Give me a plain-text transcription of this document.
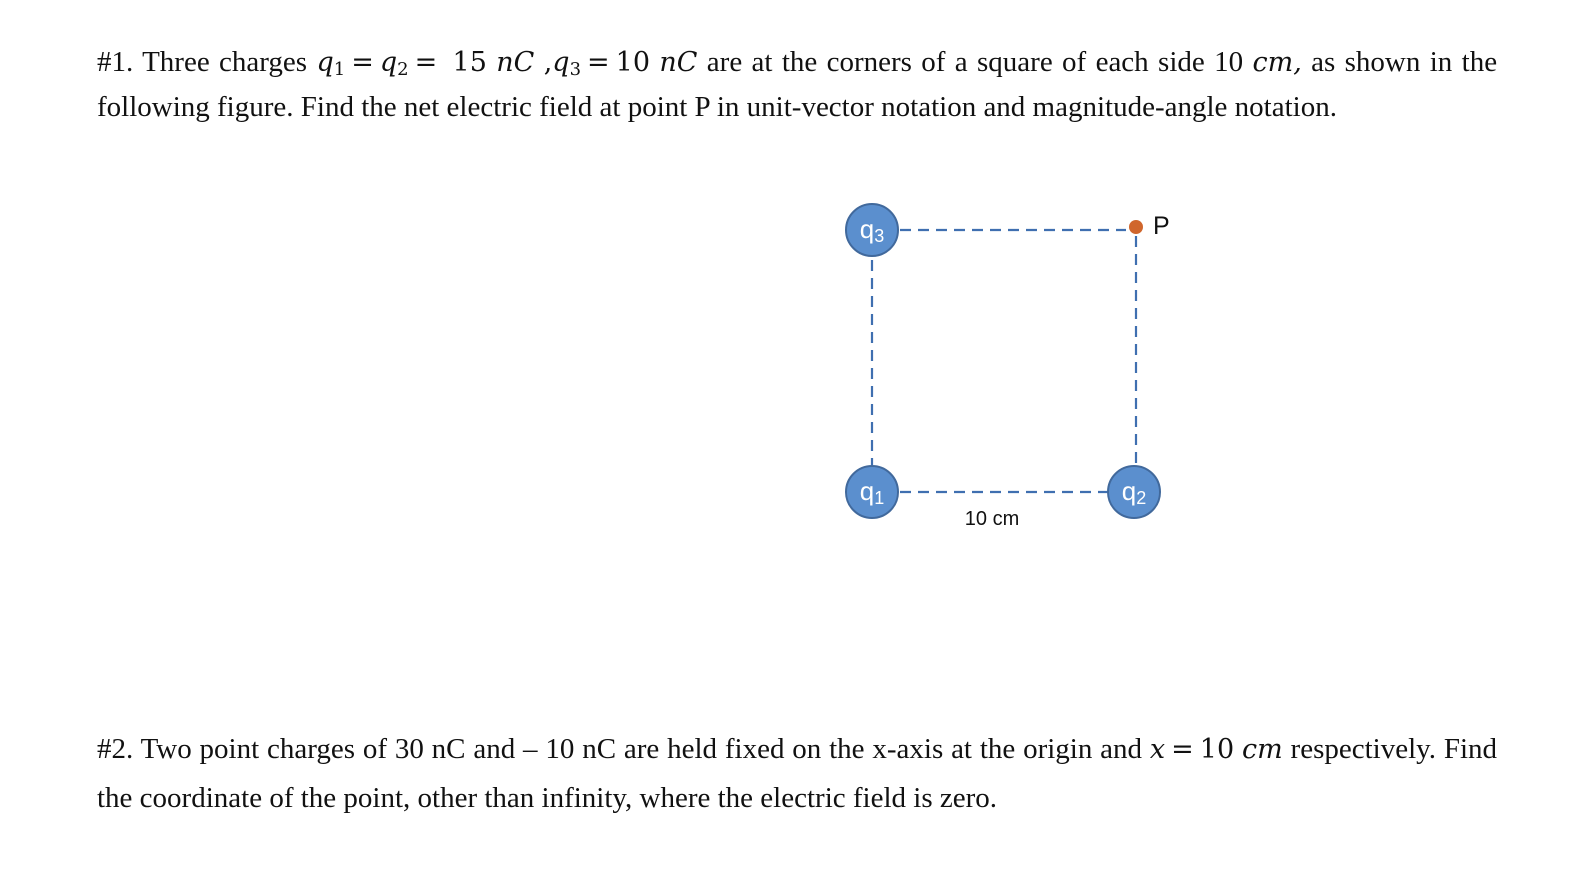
#1. Three charges $q_1 = q_2 = 15$ nC $,q_3 = 10$ nC are at the corners of a square of each side 10 cm, as shown in the following figure. Find the net electric field at point P in unit-vector notation and magnitude-angle notation.
q3
q1	q2
P
10 cm
#2. Two point charges of 30 nC and – 10 nC are held fixed on the x-axis at the origin and x = 10 cm respectively. Find the coordinate of the point, other than infinity, where the electric field is zero.
